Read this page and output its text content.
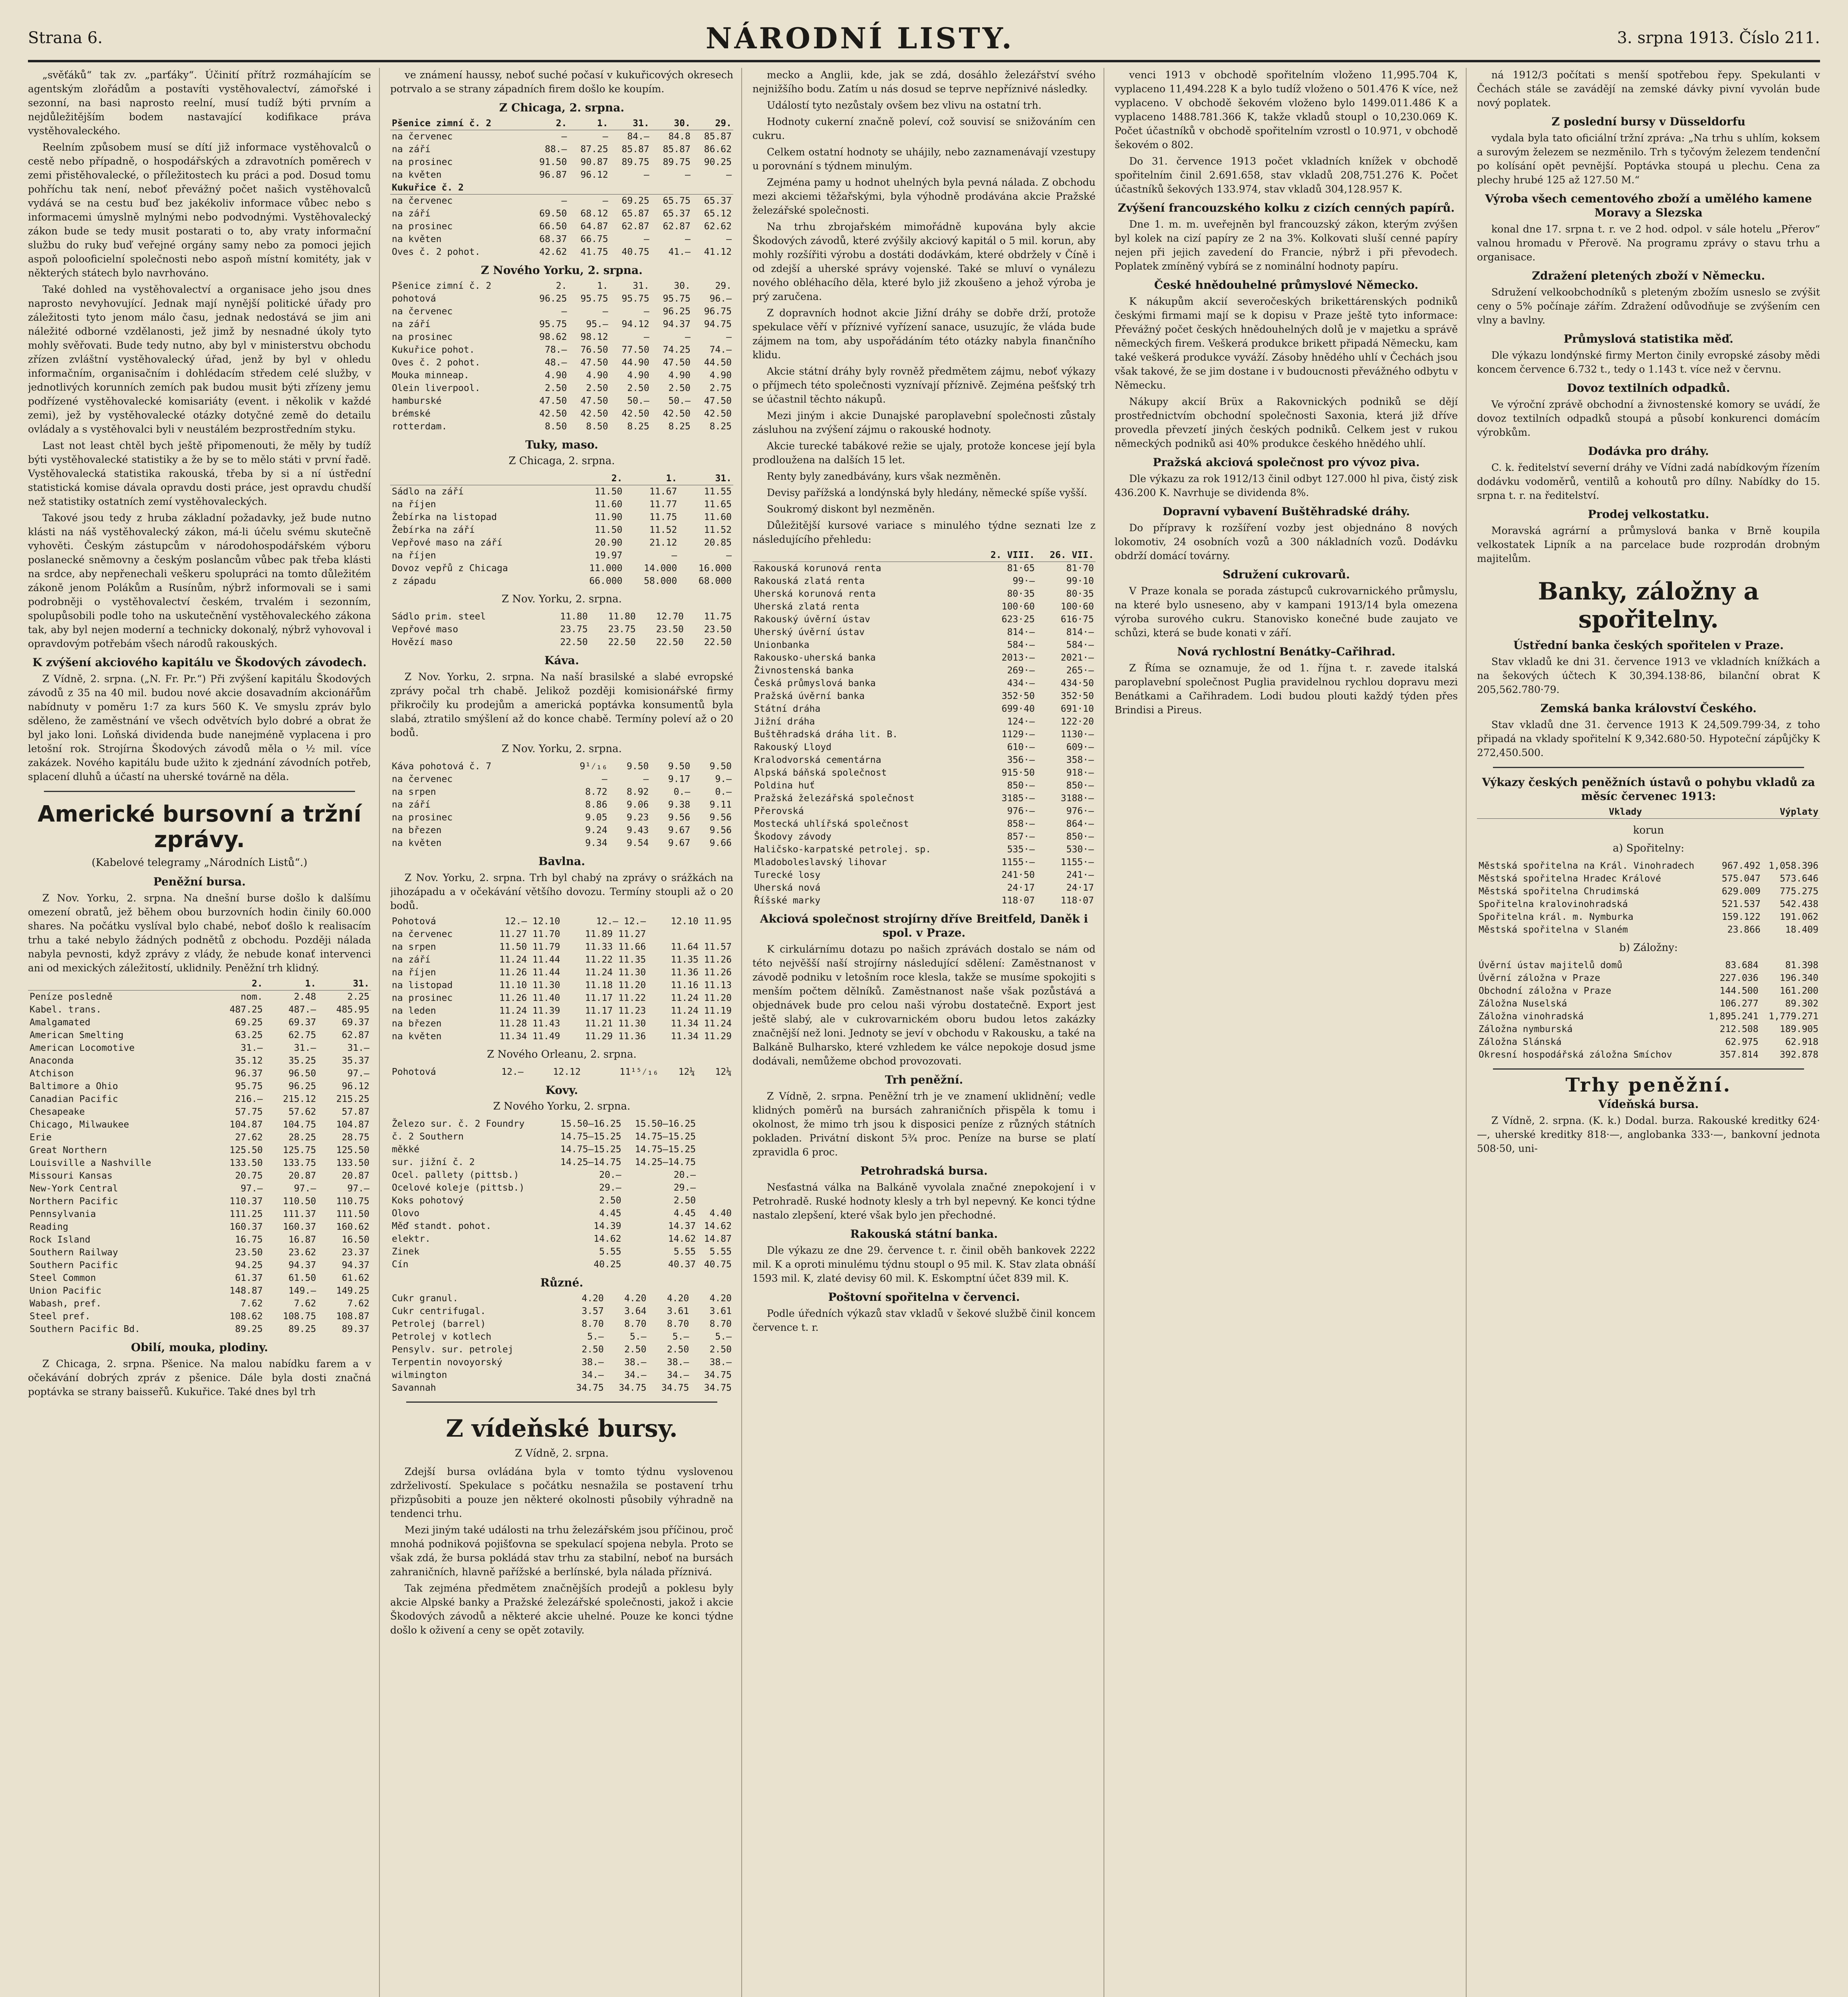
Strana 6.	NÁRODNÍ LISTY.	3. srpna 1913. Číslo 211.

„svěťáků“ tak zv. „parťáky“. Účinití přítrž rozmáhajícím se agentským zlořádům a postavíti vystěhovalectví, zámořské i sezonní, na basi naprosto reelní, musí tudíž býti prvním a nejdůležitějším bodem nastavající kodifikace práva vystěhovaleckého.

Reelním způsobem musí se dítí již informace vystěhovalců o cestě nebo případně, o hospodářských a zdravotních poměrech v zemi přistěhovalecké, o příležitostech ku práci a pod. Dosud tomu pohříchu tak není, neboť převážný počet našich vystěhovalců vydává se na cestu buď bez jakékoliv informace vůbec nebo s informacemi úmyslně mylnými nebo podvodnými. Vystěhovalecký zákon bude se tedy musit postarati o to, aby vraty informační službu do ruky buď veřejné orgány samy nebo za pomoci jejich aspoň polooficielní společnosti nebo aspoň místní komitéty, jak v některých státech bylo navrhováno.

Také dohled na vystěhovalectví a organisace jeho jsou dnes naprosto nevyhovující. Jednak mají nynější politické úřady pro záležitosti tyto jenom málo času, jednak nedostává se jim ani náležité odborné vzdělanosti, jež jimž by nesnadné úkoly tyto mohly svěřovati. Bude tedy nutno, aby byl v ministerstvu obchodu zřízen zvláštní vystěhovalecký úřad, jenž by byl v ohledu informačním, organisačním i dohlédacím středem celé služby, v jednotlivých korunních zemích pak budou musit býti zřízeny jemu podřízené vystěhovalecké komisariáty (event. i několik v každé zemi), jež by vystěhovalecké otázky dotyčné země do detailu ovládaly a s vystěhovalci byli v neustálém bezprostředním styku.

Last not least chtěl bych ještě připomenouti, že měly by tudíž býti vystěhovalecké statistiky a že by se to mělo státi v první řadě. Vystěhovalecká statistika rakouská, třeba by si a ní ústřední statistická komise dávala opravdu dosti práce, jest opravdu chudší než statistiky ostatních zemí vystěhovaleckých.

Takové jsou tedy z hruba základní požadavky, jež bude nutno klásti na náš vystěhovalecký zákon, má-li účelu svému skutečně vyhověti. Českým zástupcům v národohospodářském výboru poslanecké sněmovny a českým poslancům vůbec pak třeba klásti na srdce, aby nepřenechali veškeru spolupráci na tomto důležitém zákoně jenom Polákům a Rusínům, nýbrž informovali se i sami podrobněji o vystěhovalectví českém, trvalém i sezonním, spolupůsobili podle toho na uskutečnění vystěhovaleckého zákona tak, aby byl nejen moderní a technicky dokonalý, nýbrž vyhovoval i opravdovým potřebám všech národů rakouských.

K zvýšení akciového kapitálu ve Škodových závodech.

Z Vídně, 2. srpna. („N. Fr. Pr.“) Při zvýšení kapitálu Škodových závodů z 35 na 40 mil. budou nové akcie dosavadním akcionářům nabídnuty v poměru 1:7 za kurs 560 K. Ve smyslu zpráv bylo sděleno, že zaměstnání ve všech odvětvích bylo dobré a obrat že byl jako loni. Loňská dividenda bude nanejméně vyplacena i pro letošní rok. Strojírna Škodových závodů měla o ½ mil. více zakázek. Nového kapitálu bude užito k zjednání závodních potřeb, splacení dluhů a účastí na uherské továrně na děla.

Americké bursovní a tržní zprávy.
(Kabelové telegramy „Národních Listů“.)
Peněžní bursa.

Z Nov. Yorku, 2. srpna. Na dnešní burse došlo k dalšímu omezení obratů, jež během obou burzovních hodin činily 60.000 shares. Na počátku vyslíval bylo chabé, neboť došlo k realisacím trhu a také nebylo žádných podnětů z obchodu. Později nálada nabyla pevnosti, když zprávy z vlády, že nebude konať intervenci ani od mexických záležitostí, uklidnily. Peněžní trh klidný.

	2.	1.	31.
Peníze posledně	nom.	2.48	2.25
Kabel. trans.	487.25	487.—	485.95
Amalgamated	69.25	69.37	69.37
American Smelting	63.25	62.75	62.87
American Locomotive	31.—	31.—	31.—
Anaconda	35.12	35.25	35.37
Atchison	96.37	96.50	97.—
Baltimore a Ohio	95.75	96.25	96.12
Canadian Pacific	216.—	215.12	215.25
Chesapeake	57.75	57.62	57.87
Chicago, Milwaukee	104.87	104.75	104.87
Erie	27.62	28.25	28.75
Great Northern	125.50	125.75	125.50
Louisville a Nashville	133.50	133.75	133.50
Missouri Kansas	20.75	20.87	20.87
New-York Central	97.—	97.—	97.—
Northern Pacific	110.37	110.50	110.75
Pennsylvania	111.25	111.37	111.50
Reading	160.37	160.37	160.62
Rock Island	16.75	16.87	16.50
Southern Railway	23.50	23.62	23.37
Southern Pacific	94.25	94.37	94.37
Steel Common	61.37	61.50	61.62
Union Pacific	148.87	149.—	149.25
Wabash, pref.	7.62	7.62	7.62
Steel pref.	108.62	108.75	108.87
Southern Pacific Bd.	89.25	89.25	89.37
Obilí, mouka, plodiny.

Z Chicaga, 2. srpna. Pšenice. Na malou nabídku farem a v očekávání dobrých zpráv z pšenice. Dále byla dosti značná poptávka se strany baisseřů. Kukuřice. Také dnes byl trh

ve známení haussy, neboť suché počasí v kukuřicových okresech potrvalo a se strany západních firem došlo ke koupím.

Z Chicaga, 2. srpna.
Pšenice zimní č. 2	2.	1.	31.	30.	29.
na červenec	—	—	84.—	84.8	85.87
na září	88.—	87.25	85.87	85.87	86.62
na prosinec	91.50	90.87	89.75	89.75	90.25
na květen	96.87	96.12	—	—	—
Kukuřice č. 2					
na červenec	—	—	69.25	65.75	65.37
na září	69.50	68.12	65.87	65.37	65.12
na prosinec	66.50	64.87	62.87	62.87	62.62
na květen	68.37	66.75	—	—	—
Oves č. 2 pohot.	42.62	41.75	40.75	41.—	41.12
Z Nového Yorku, 2. srpna.
Pšenice zimní č. 2	2.	1.	31.	30.	29.
pohotová	96.25	95.75	95.75	95.75	96.—
na červenec	—	—	—	96.25	96.75
na září	95.75	95.—	94.12	94.37	94.75
na prosinec	98.62	98.12	—	—	—
Kukuřice pohot.	78.—	76.50	77.50	74.25	74.—
Oves č. 2 pohot.	48.—	47.50	44.90	47.50	44.50
Mouka minneap.	4.90	4.90	4.90	4.90	4.90
Olein liverpool.	2.50	2.50	2.50	2.50	2.75
hamburské	47.50	47.50	50.—	50.—	47.50
brémské	42.50	42.50	42.50	42.50	42.50
rotterdam.	8.50	8.50	8.25	8.25	8.25
Tuky, maso.
Z Chicaga, 2. srpna.
	2.	1.	31.
Sádlo na září	11.50	11.67	11.55
na říjen	11.60	11.77	11.65
Žebírka na listopad	11.90	11.75	11.60
Žebírka na září	11.50	11.52	11.52
Vepřové maso na září	20.90	21.12	20.85
na říjen	19.97	—	—
Dovoz vepřů z Chicaga	11.000	14.000	16.000
z západu	66.000	58.000	68.000
Z Nov. Yorku, 2. srpna.
Sádlo prim. steel	11.80	11.80	12.70	11.75
Vepřové maso	23.75	23.75	23.50	23.50
Hovězí maso	22.50	22.50	22.50	22.50
Káva.

Z Nov. Yorku, 2. srpna. Na naší brasilské a slabé evropské zprávy počal trh chabě. Jelikož později komisionářské firmy přikročily ku prodejům a americká poptávka konsumentů byla slabá, ztratilo smýšlení až do konce chabě. Termíny poleví až o 20 bodů.

Z Nov. Yorku, 2. srpna.
Káva pohotová č. 7	9¹⁄₁₆	9.50	9.50	9.50
na červenec	—	—	9.17	9.—
na srpen	8.72	8.92	0.—	0.—
na září	8.86	9.06	9.38	9.11
na prosinec	9.05	9.23	9.56	9.56
na březen	9.24	9.43	9.67	9.56
na květen	9.34	9.54	9.67	9.66
Bavlna.

Z Nov. Yorku, 2. srpna. Trh byl chabý na zprávy o srážkách na jihozápadu a v očekávání většího dovozu. Termíny stoupli až o 20 bodů.

Pohotová	12.— 12.10	12.— 12.—	12.10 11.95
na červenec	11.27 11.70	11.89 11.27	
na srpen	11.50 11.79	11.33 11.66	11.64 11.57
na září	11.24 11.44	11.22 11.35	11.35 11.26
na říjen	11.26 11.44	11.24 11.30	11.36 11.26
na listopad	11.10 11.30	11.18 11.20	11.16 11.13
na prosinec	11.26 11.40	11.17 11.22	11.24 11.20
na leden	11.24 11.39	11.17 11.23	11.24 11.19
na březen	11.28 11.43	11.21 11.30	11.34 11.24
na květen	11.34 11.49	11.29 11.36	11.34 11.29
Z Nového Orleanu, 2. srpna.
Pohotová	12.—	12.12	11¹⁵⁄₁₆	12¼	12¼
Kovy.
Z Nového Yorku, 2. srpna.
Železo sur. č. 2 Foundry	15.50—16.25	15.50—16.25	
č. 2 Southern	14.75—15.25	14.75—15.25	
měkké	14.75—15.25	14.75—15.25	
sur. jižní č. 2	14.25—14.75	14.25—14.75	
Ocel. pallety (pittsb.)	20.—	20.—	
Ocelové koleje (pittsb.)	29.—	29.—	
Koks pohotový	2.50	2.50	
Olovo	4.45	4.45	4.40
Měď standt. pohot.	14.39	14.37	14.62
elektr.	14.62	14.62	14.87
Zinek	5.55	5.55	5.55
Cín	40.25	40.37	40.75
Různé.
Cukr granul.	4.20	4.20	4.20	4.20
Cukr centrifugal.	3.57	3.64	3.61	3.61
Petrolej (barrel)	8.70	8.70	8.70	8.70
Petrolej v kotlech	5.—	5.—	5.—	5.—
Pensylv. sur. petrolej	2.50	2.50	2.50	2.50
Terpentin novoyorský	38.—	38.—	38.—	38.—
wilmington	34.—	34.—	34.—	34.75
Savannah	34.75	34.75	34.75	34.75
Z vídeňské bursy.
Z Vídně, 2. srpna.

Zdejší bursa ovládána byla v tomto týdnu vyslovenou zdrželivostí. Spekulace s počátku nesnažila se postavení trhu přizpůsobiti a pouze jen některé okolnosti působily výhradně na tendenci trhu.

Mezi jiným také události na trhu železářském jsou příčinou, proč mnohá podniková pojišťovna se spekulací spojena nebyla. Proto se však zdá, že bursa pokládá stav trhu za stabilní, neboť na bursách zahraničních, hlavně pařížské a berlínské, byla nálada příznivá.

Tak zejména předmětem značnějších prodejů a poklesu byly akcie Alpské banky a Pražské železářské společnosti, jakož i akcie Škodových závodů a některé akcie uhelné. Pouze ke konci týdne došlo k oživení a ceny se opět zotavily.

mecko a Anglii, kde, jak se zdá, dosáhlo železářství svého nejnižšího bodu. Zatím u nás dosud se teprve nepříznivé následky.

Událostí tyto nezůstaly ovšem bez vlivu na ostatní trh.

Hodnoty cukerní značně poleví, což souvisí se snižováním cen cukru.

Celkem ostatní hodnoty se uhájily, nebo zaznamenávají vzestupy u porovnání s týdnem minulým.

Zejména pamy u hodnot uhelných byla pevná nálada. Z obchodu mezi akciemi těžařskými, byla výhodně prodávána akcie Pražské železářské společnosti.

Na trhu zbrojařském mimořádně kupována byly akcie Škodových závodů, které zvýšily akciový kapitál o 5 mil. korun, aby mohly rozšířiti výrobu a dostáti dodávkám, které obdržely v Číně i od zdejší a uherské správy vojenské. Také se mluví o vynálezu nového obléhacího děla, které bylo již zkoušeno a jehož výroba je prý zaručena.

Z dopravních hodnot akcie Jižní dráhy se dobře drží, protože spekulace věří v příznivé vyřízení sanace, usuzujíc, že vláda bude zájmem na tom, aby uspořádáním této otázky nabyla finančního klidu.

Akcie státní dráhy byly rovněž předmětem zájmu, neboť výkazy o příjmech této společnosti vyznívají příznivě. Zejména pešťský trh se účastnil těchto nákupů.

Mezi jiným i akcie Dunajské paroplavební společnosti zůstaly zásluhou na zvýšení zájmu o rakouské hodnoty.

Akcie turecké tabákové režie se ujaly, protože koncese její byla prodloužena na dalších 15 let.

Renty byly zanedbávány, kurs však nezměněn.

Devisy pařížská a londýnská byly hledány, německé spíše vyšší.

Soukromý diskont byl nezměněn.

Důležitější kursové variace s minulého týdne seznati lze z následujícího přehledu:

	2. VIII.	26. VII.
Rakouská korunová renta	81·65	81·70
Rakouská zlatá renta	99·—	99·10
Uherská korunová renta	80·35	80·35
Uherská zlatá renta	100·60	100·60
Rakouský úvěrní ústav	623·25	616·75
Uherský úvěrní ústav	814·—	814·—
Unionbanka	584·—	584·—
Rakousko-uherská banka	2013·—	2021·—
Živnostenská banka	269·—	265·—
Česká průmyslová banka	434·—	434·50
Pražská úvěrní banka	352·50	352·50
Státní dráha	699·40	691·10
Jižní dráha	124·—	122·20
Buštěhradská dráha lit. B.	1129·—	1130·—
Rakouský Lloyd	610·—	609·—
Kralodvorská cementárna	356·—	358·—
Alpská báňská společnost	915·50	918·—
Poldina huť	850·—	850·—
Pražská železářská společnost	3185·—	3188·—
Přerovská	976·—	976·—
Mostecká uhlířská společnost	858·—	864·—
Škodovy závody	857·—	850·—
Haličsko-karpatské petrolej. sp.	535·—	530·—
Mladoboleslavský lihovar	1155·—	1155·—
Turecké losy	241·50	241·—
Uherská nová	24·17	24·17
Říšské marky	118·07	118·07
Akciová společnost strojírny dříve Breitfeld, Daněk i spol. v Praze.

K cirkulárnímu dotazu po našich zprávách dostalo se nám od této nejvěšší naší strojírny následující sdělení: Zaměstnanost v závodě podniku v letošním roce klesla, takže se musíme spokojiti s menším počtem dělníků. Zaměstnanost naše však pozůstává a objednávek bude pro celou naši výrobu dostatečně. Export jest ještě slabý, ale v cukrovarnickém oboru budou letos zakázky značnější než loni. Jednoty se jeví v obchodu v Rakousku, a také na Balkáně Bulharsko, které vzhledem ke válce nepokoje dosud jsme dodávali, nemůžeme obchod provozovati.

Trh peněžní.

Z Vídně, 2. srpna. Peněžní trh je ve znamení uklidnění; vedle klidných poměrů na bursách zahraničních přispěla k tomu i okolnost, že mimo trh jsou k disposici peníze z různých státních pokladen. Privátní diskont 5¾ proc. Peníze na burse se platí zpravidla 6 proc.

Petrohradská bursa.

Nesťastná válka na Balkáně vyvolala značné znepokojení i v Petrohradě. Ruské hodnoty klesly a trh byl nepevný. Ke konci týdne nastalo zlepšení, které však bylo jen přechodné.

Rakouská státní banka.

Dle výkazu ze dne 29. července t. r. činil oběh bankovek 2222 mil. K a oproti minulému týdnu stoupl o 95 mil. K. Stav zlata obnáší 1593 mil. K, zlaté devisy 60 mil. K. Eskomptní účet 839 mil. K.

Poštovní spořitelna v červenci.

Podle úředních výkazů stav vkladů v šekové službě činil koncem července t. r.

venci 1913 v obchodě spořitelním vloženo 11,995.704 K, vyplaceno 11,494.228 K a bylo tudíž vloženo o 501.476 K více, než vyplaceno. V obchodě šekovém vloženo bylo 1499.011.486 K a vyplaceno 1488.781.366 K, takže vkladů stoupl o 10,230.069 K. Počet účastníků v obchodě spořitelním vzrostl o 10.971, v obchodě šekovém o 802.

Do 31. července 1913 počet vkladních knížek v obchodě spořitelním činil 2.691.658, stav vkladů 208,751.276 K. Počet účastníků šekových 133.974, stav vkladů 304,128.957 K.

Zvýšení francouzského kolku z cizích cenných papírů.

Dne 1. m. m. uveřejněn byl francouzský zákon, kterým zvýšen byl kolek na cizí papíry ze 2 na 3%. Kolkovati sluší cenné papíry nejen při jejich zavedení do Francie, nýbrž i při převodech. Poplatek zmíněný vybírá se z nominální hodnoty papíru.

České hnědouhelné průmyslové Německo.

K nákupům akcií severočeských brikettárenských podniků českými firmami mají se k dopisu v Praze ještě tyto informace: Převážný počet českých hnědouhelných dolů je v majetku a správě německých firem. Veškerá produkce brikett připadá Německu, kam také veškerá produkce vyváží. Zásoby hnědého uhlí v Čechách jsou však takové, že se jim dostane i v budoucnosti převážného odbytu v Německu.

Nákupy akcií Brüx a Rakovnických podniků se dějí prostřednictvím obchodní společnosti Saxonia, která již dříve provedla převzetí jiných českých podniků. Celkem jest v rukou německých podniků asi 40% produkce českého hnědého uhlí.

Pražská akciová společnost pro vývoz piva.

Dle výkazu za rok 1912/13 činil odbyt 127.000 hl piva, čistý zisk 436.200 K. Navrhuje se dividenda 8%.

Dopravní vybavení Buštěhradské dráhy.

Do přípravy k rozšíření vozby jest objednáno 8 nových lokomotiv, 24 osobních vozů a 300 nákladních vozů. Dodávku obdrží domácí továrny.

Sdružení cukrovarů.

V Praze konala se porada zástupců cukrovarnického průmyslu, na které bylo usneseno, aby v kampani 1913/14 byla omezena výroba surového cukru. Stanovisko konečné bude zaujato ve schůzi, která se bude konati v září.

Nová rychlostní Benátky–Cařihrad.

Z Říma se oznamuje, že od 1. října t. r. zavede italská paroplavební společnost Puglia pravidelnou rychlou dopravu mezi Benátkami a Cařihradem. Lodi budou plouti každý týden přes Brindisi a Pireus.

ná 1912/3 počítati s menší spotřebou řepy. Spekulanti v Čechách stále se zavádějí na zemské dávky pivní vyvolán bude nový poplatek.

Z poslední bursy v Düsseldorfu

vydala byla tato oficiální tržní zpráva: „Na trhu s uhlím, koksem a surovým železem se nezměnilo. Trh s tyčovým železem tendenční po kolísání opět pevnější. Poptávka stoupá u plechu. Cena za plechy hrubé 125 až 127.50 M.“

Výroba všech cementového zboží a umělého kamene Moravy a Slezska

konal dne 17. srpna t. r. ve 2 hod. odpol. v sále hotelu „Přerov“ valnou hromadu v Přerově. Na programu zprávy o stavu trhu a organisace.

Zdražení pletených zboží v Německu.

Sdružení velkoobchodníků s pleteným zbožím usneslo se zvýšit ceny o 5% počínaje zářím. Zdražení odůvodňuje se zvýšením cen vlny a bavlny.

Průmyslová statistika měď.

Dle výkazu londýnské firmy Merton činily evropské zásoby mědi koncem července 6.732 t., tedy o 1.143 t. více než v červnu.

Dovoz textilních odpadků.

Ve výroční zprávě obchodní a živnostenské komory se uvádí, že dovoz textilních odpadků stoupá a působí konkurenci domácím výrobkům.

Dodávka pro dráhy.

C. k. ředitelství severní dráhy ve Vídni zadá nabídkovým řízením dodávku vodoměrů, ventilů a kohoutů pro dílny. Nabídky do 15. srpna t. r. na ředitelství.

Prodej velkostatku.

Moravská agrární a průmyslová banka v Brně koupila velkostatek Lipník a na parcelace bude rozprodán drobným majitelům.

Banky, záložny a spořitelny.
Ústřední banka českých spořitelen v Praze.

Stav vkladů ke dni 31. července 1913 ve vkladních knížkách a na šekových účtech K 30,394.138·86, bilanční obrat K 205,562.780·79.

Zemská banka království Českého.

Stav vkladů dne 31. července 1913 K 24,509.799·34, z toho připadá na vklady spořitelní K 9,342.680·50. Hypoteční zápůjčky K 272,450.500.

Výkazy českých peněžních ústavů o pohybu vkladů za měsíc červenec 1913:
	Vklady	Výplaty
korun
a) Spořitelny:
Městská spořitelna na Král. Vinohradech	967.492	1,058.396
Městská spořitelna Hradec Králové	575.047	573.646
Městská spořitelna Chrudimská	629.009	775.275
Spořitelna kralovinohradská	521.537	542.438
Spořitelna král. m. Nymburka	159.122	191.062
Městská spořitelna v Slaném	23.866	18.409
b) Záložny:
Úvěrní ústav majitelů domů	83.684	81.398
Úvěrní záložna v Praze	227.036	196.340
Obchodní záložna v Praze	144.500	161.200
Záložna Nuselská	106.277	89.302
Záložna vinohradská	1,895.241	1,779.271
Záložna nymburská	212.508	189.905
Záložna Slánská	62.975	62.918
Okresní hospodářská záložna Smíchov	357.814	392.878
Trhy peněžní.
Vídeňská bursa.

Z Vídně, 2. srpna. (K. k.) Dodal. burza. Rakouské kreditky 624·—, uherské kreditky 818·—, anglobanka 333·—, bankovní jednota 508·50, uni-
